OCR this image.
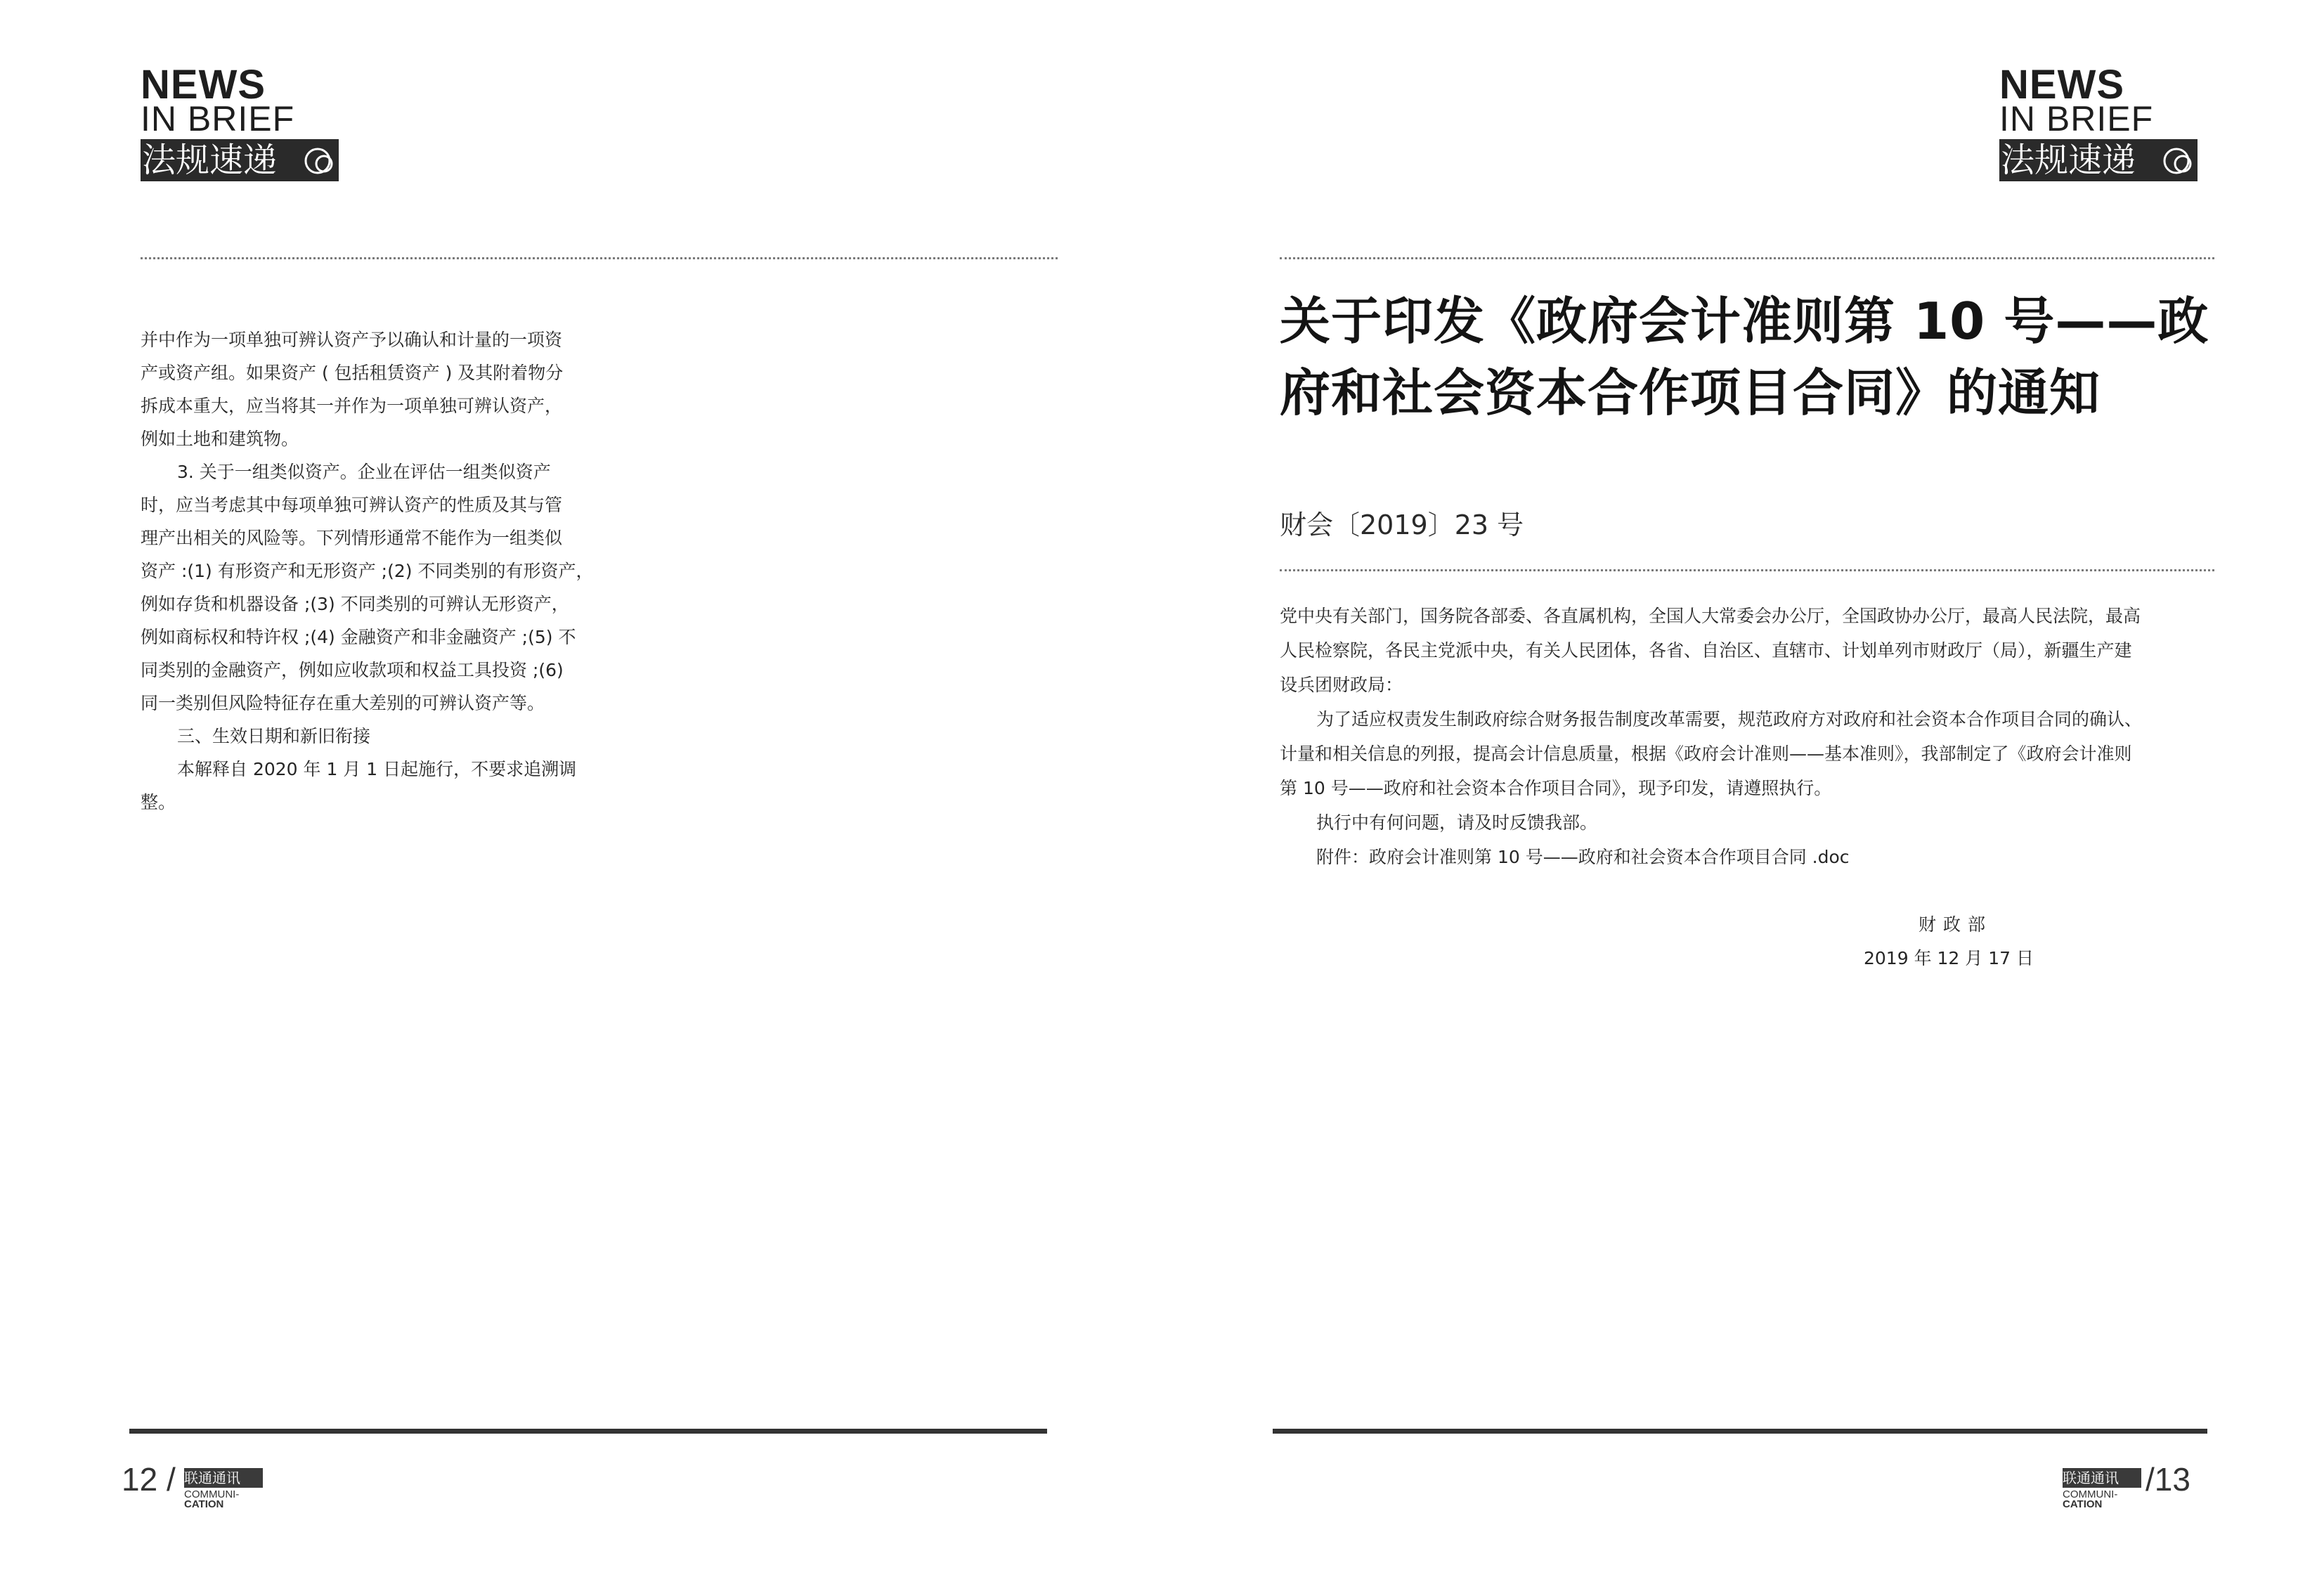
NEWS
IN BRIEF
法规速递

并中作为一项单独可辨认资产予以确认和计量的一项资

产或资产组。如果资产 ( 包括租赁资产 ) 及其附着物分

拆成本重大，应当将其一并作为一项单独可辨认资产，

例如土地和建筑物。

3. 关于一组类似资产。企业在评估一组类似资产

时，应当考虑其中每项单独可辨认资产的性质及其与管

理产出相关的风险等。下列情形通常不能作为一组类似

资产 :(1) 有形资产和无形资产 ;(2) 不同类别的有形资产，

例如存货和机器设备 ;(3) 不同类别的可辨认无形资产，

例如商标权和特许权 ;(4) 金融资产和非金融资产 ;(5) 不

同类别的金融资产，例如应收款项和权益工具投资 ;(6)

同一类别但风险特征存在重大差别的可辨认资产等。

三、生效日期和新旧衔接

本解释自 2020 年 1 月 1 日起施行，不要求追溯调

整。

12 / 联通通讯
COMMUNI-
CATION
NEWS
IN BRIEF
法规速递
关于印发《政府会计准则第 10 号——政
府和社会资本合作项目合同》的通知
财会〔2019〕23 号

党中央有关部门，国务院各部委、各直属机构，全国人大常委会办公厅，全国政协办公厅，最高人民法院，最高

人民检察院，各民主党派中央，有关人民团体，各省、自治区、直辖市、计划单列市财政厅（局），新疆生产建

设兵团财政局：

为了适应权责发生制政府综合财务报告制度改革需要，规范政府方对政府和社会资本合作项目合同的确认、

计量和相关信息的列报，提高会计信息质量，根据《政府会计准则——基本准则》，我部制定了《政府会计准则

第 10 号——政府和社会资本合作项目合同》，现予印发，请遵照执行。

执行中有何问题，请及时反馈我部。

附件：政府会计准则第 10 号——政府和社会资本合作项目合同 .doc

财政部
2019 年 12 月 17 日
联通通讯
COMMUNI-
CATION
/13
